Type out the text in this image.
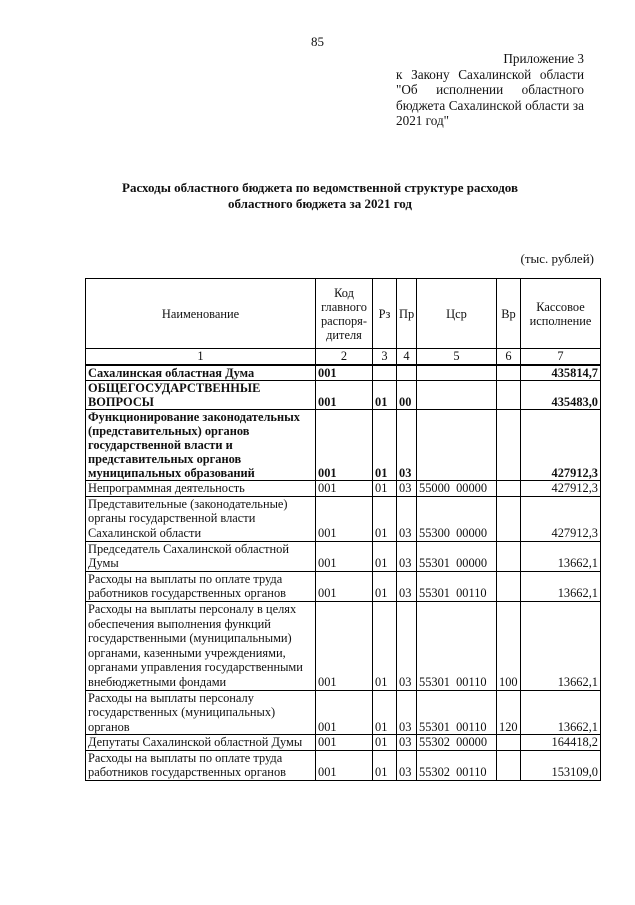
85
Приложение 3
к Закону Сахалинской области "Об исполнении областного бюджета Сахалинской области за 2021 год"
Расходы областного бюджета по ведомственной структуре расходов областного бюджета за 2021 год
(тыс. рублей)
Наименование	Код главного распоря-дителя	Рз	Пр	Цср	Вр	Кассовое исполнение
1	2	3	4	5	6	7
Сахалинская областная Дума	001					435814,7
ОБЩЕГОСУДАРСТВЕННЫЕ ВОПРОСЫ	001	01	00			435483,0
Функционирование законодательных (представительных) органов государственной власти и представительных органов муниципальных образований	001	01	03			427912,3
Непрограммная деятельность	001	01	03	55000 00000		427912,3
Представительные (законодательные) органы государственной власти Сахалинской области	001	01	03	55300 00000		427912,3
Председатель Сахалинской областной Думы	001	01	03	55301 00000		13662,1
Расходы на выплаты по оплате труда работников государственных органов	001	01	03	55301 00110		13662,1
Расходы на выплаты персоналу в целях обеспечения выполнения функций государственными (муниципальными) органами, казенными учреждениями, органами управления государственными внебюджетными фондами	001	01	03	55301 00110	100	13662,1
Расходы на выплаты персоналу государственных (муниципальных) органов	001	01	03	55301 00110	120	13662,1
Депутаты Сахалинской областной Думы	001	01	03	55302 00000		164418,2
Расходы на выплаты по оплате труда работников государственных органов	001	01	03	55302 00110		153109,0
